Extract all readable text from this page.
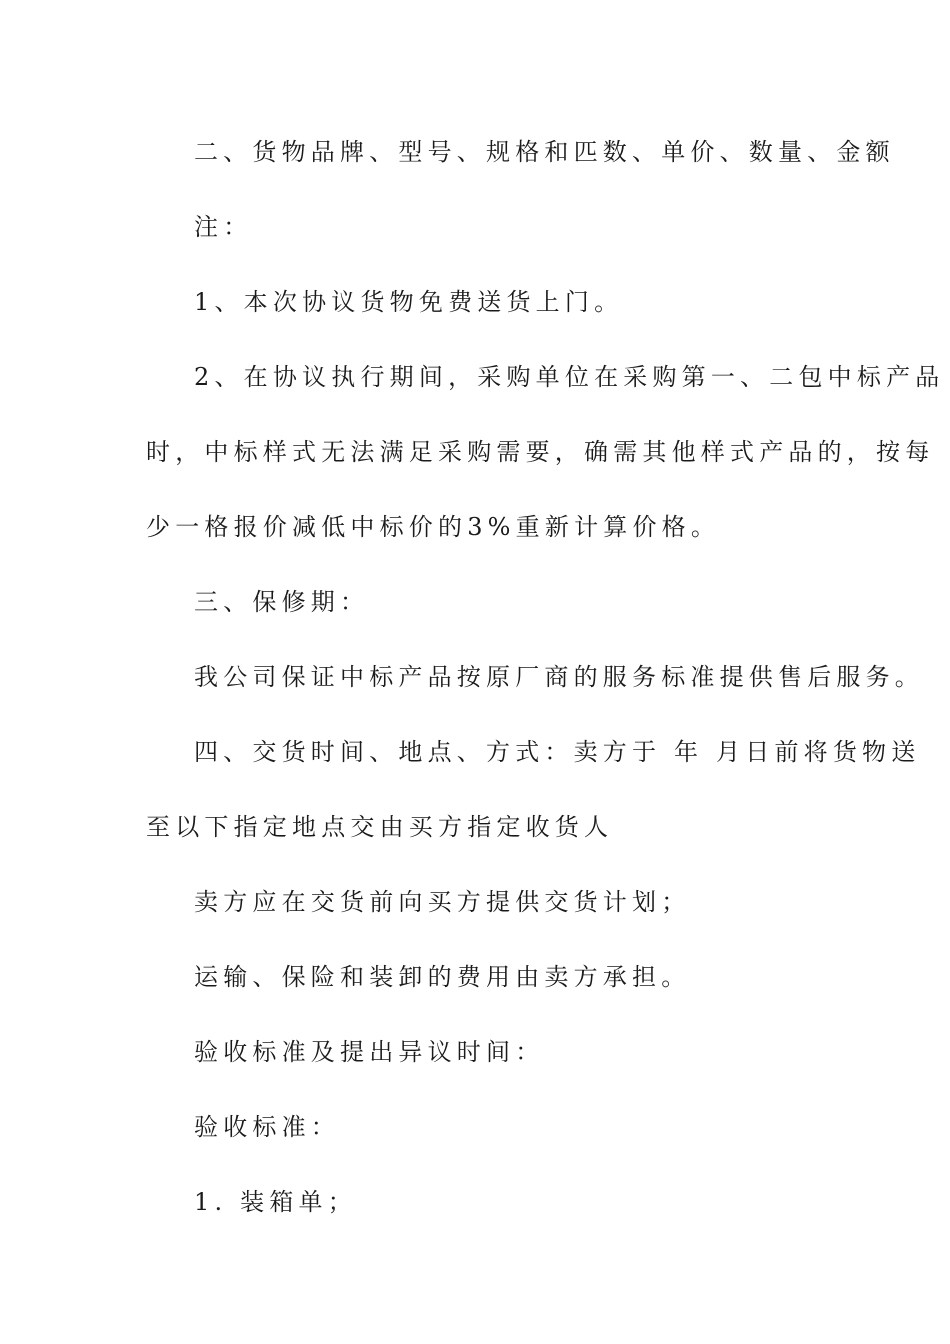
二、货物品牌、型号、规格和匹数、单价、数量、金额

注：

1、本次协议货物免费送货上门。

2、在协议执行期间，采购单位在采购第一、二包中标产品

时，中标样式无法满足采购需要，确需其他样式产品的，按每

少一格报价减低中标价的3%重新计算价格。

三、保修期：

我公司保证中标产品按原厂商的服务标准提供售后服务。

四、交货时间、地点、方式：卖方于 年 月日前将货物送

至以下指定地点交由买方指定收货人

卖方应在交货前向买方提供交货计划；

运输、保险和装卸的费用由卖方承担。

验收标准及提出异议时间：

验收标准：

1. 装箱单；
